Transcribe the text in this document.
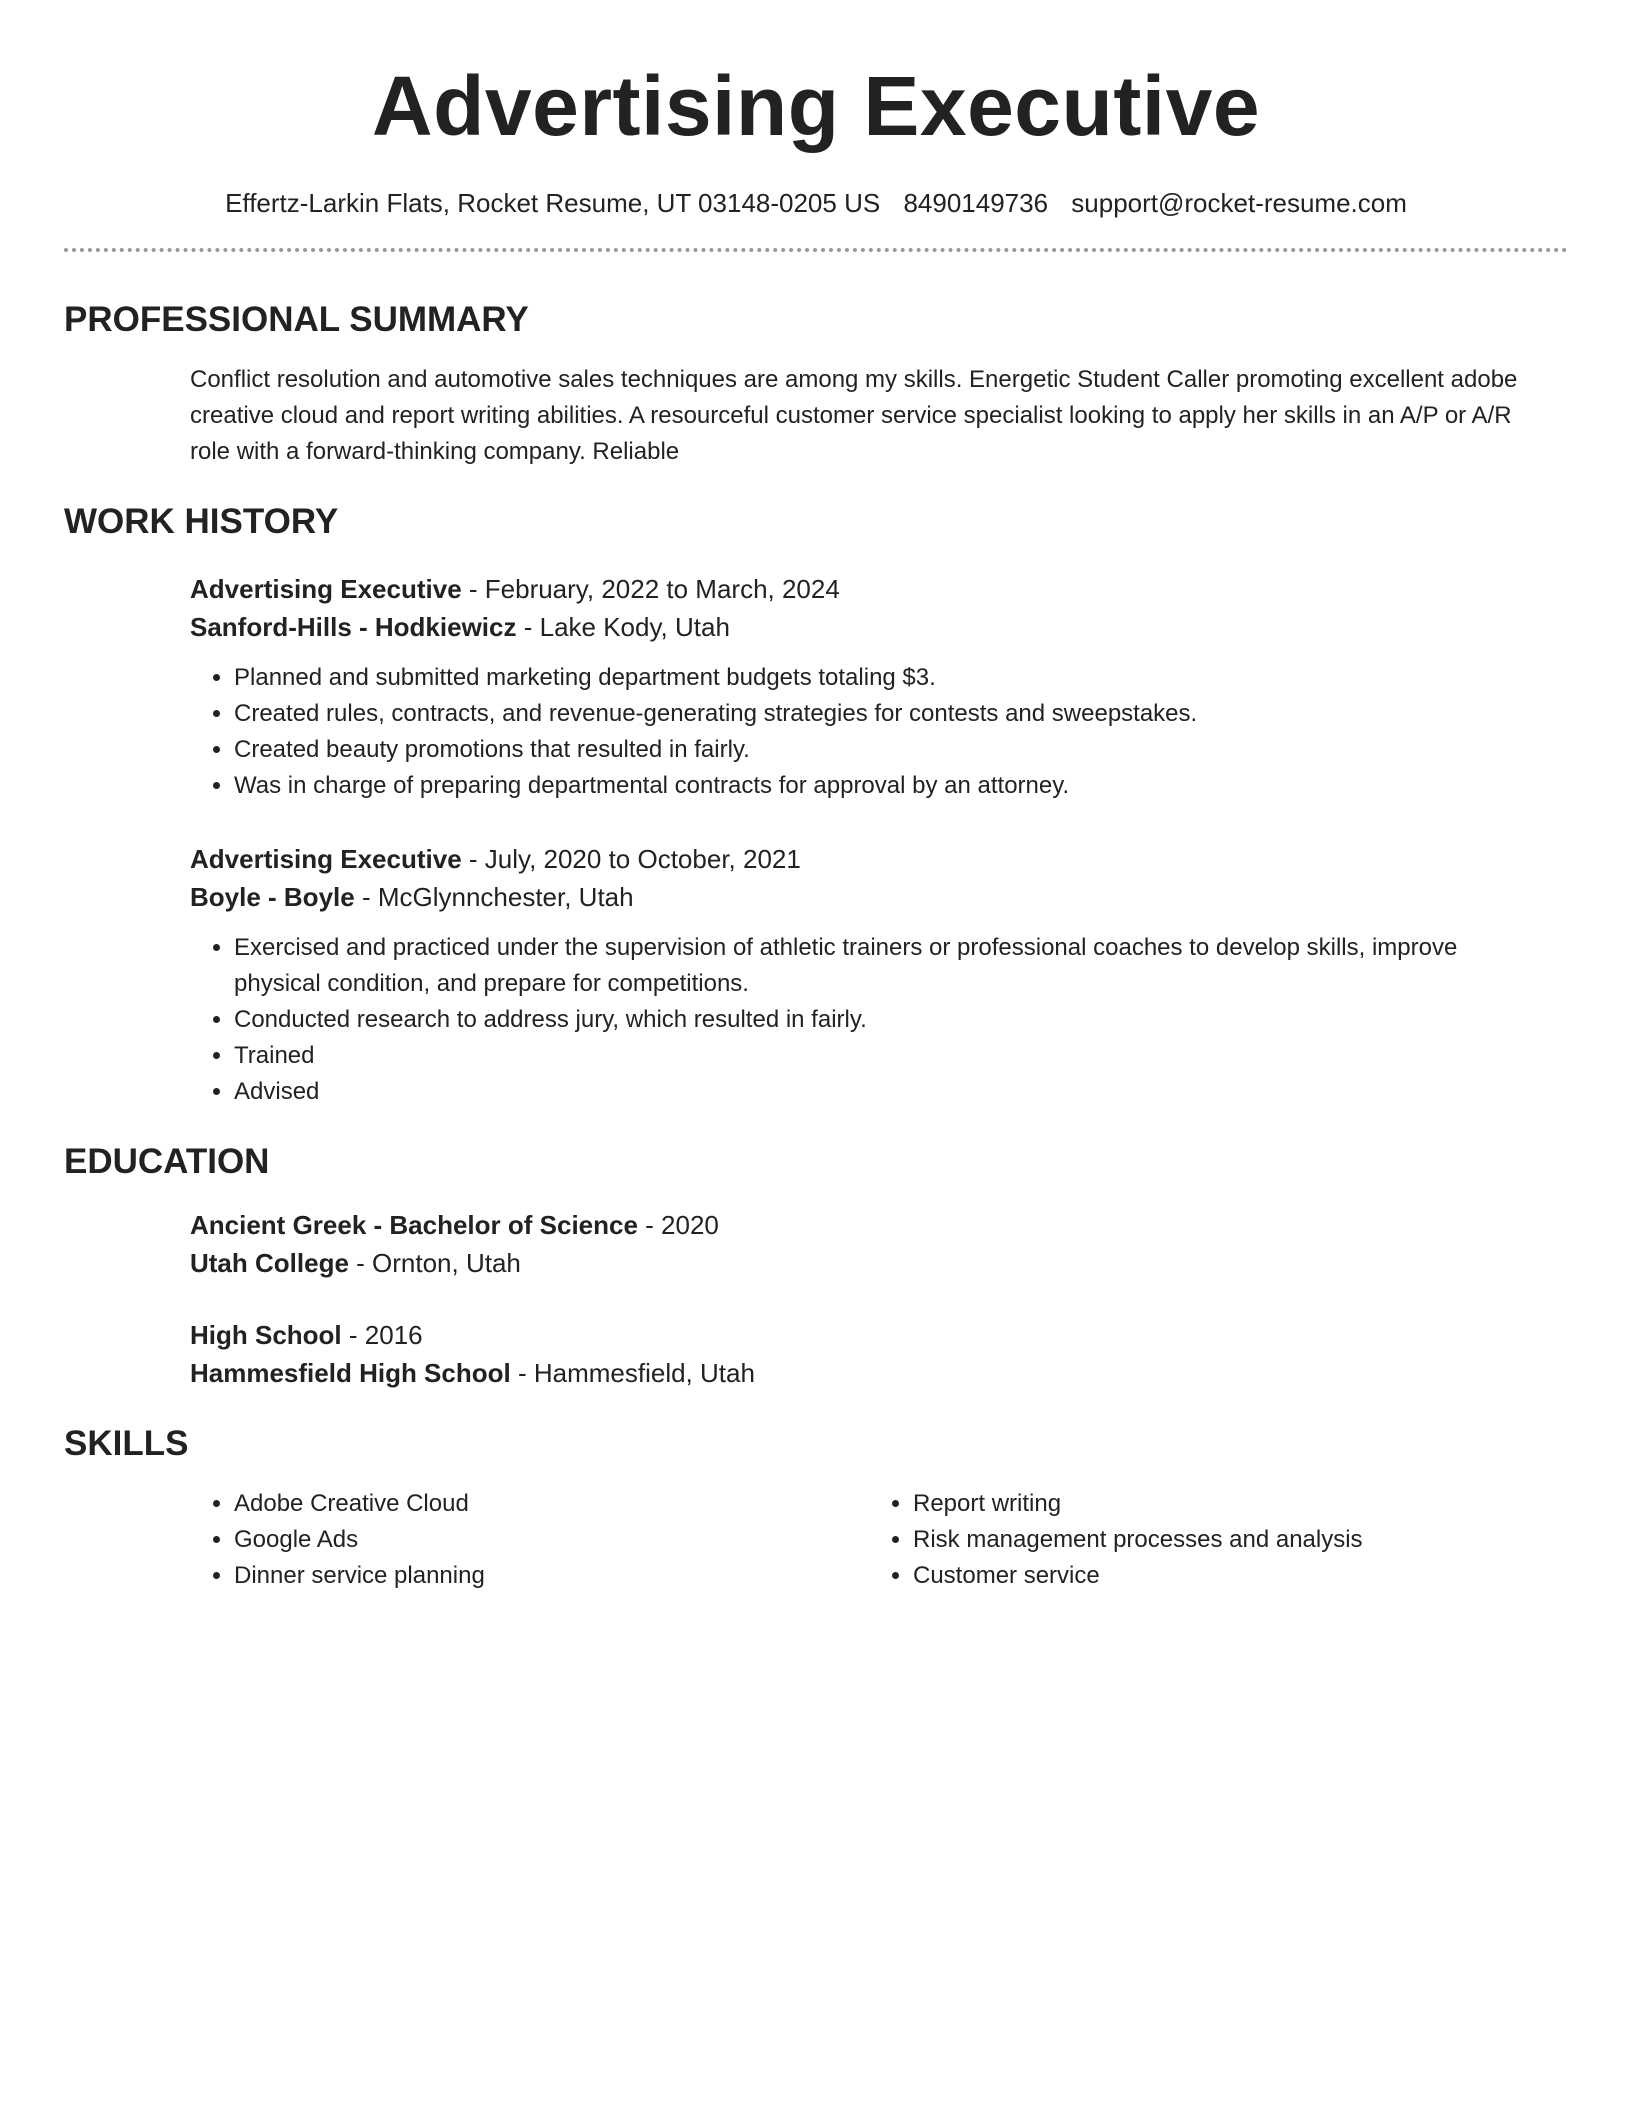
Advertising Executive
Effertz-Larkin Flats, Rocket Resume, UT 03148-0205 US 8490149736 support@rocket-resume.com
PROFESSIONAL SUMMARY

Conflict resolution and automotive sales techniques are among my skills. Energetic Student Caller promoting excellent adobe creative cloud and report writing abilities. A resourceful customer service specialist looking to apply her skills in an A/P or A/R role with a forward-thinking company. Reliable

WORK HISTORY
Advertising Executive - February, 2022 to March, 2024
Sanford-Hills - Hodkiewicz - Lake Kody, Utah
• Planned and submitted marketing department budgets totaling $3.
• Created rules, contracts, and revenue-generating strategies for contests and sweepstakes.
• Created beauty promotions that resulted in fairly.
• Was in charge of preparing departmental contracts for approval by an attorney.
Advertising Executive - July, 2020 to October, 2021
Boyle - Boyle - McGlynnchester, Utah
• Exercised and practiced under the supervision of athletic trainers or professional coaches to develop skills, improve physical condition, and prepare for competitions.
• Conducted research to address jury, which resulted in fairly.
• Trained
• Advised
EDUCATION
Ancient Greek - Bachelor of Science - 2020
Utah College - Ornton, Utah
High School - 2016
Hammesfield High School - Hammesfield, Utah
SKILLS
• Adobe Creative Cloud
• Google Ads
• Dinner service planning
• Report writing
• Risk management processes and analysis
• Customer service
